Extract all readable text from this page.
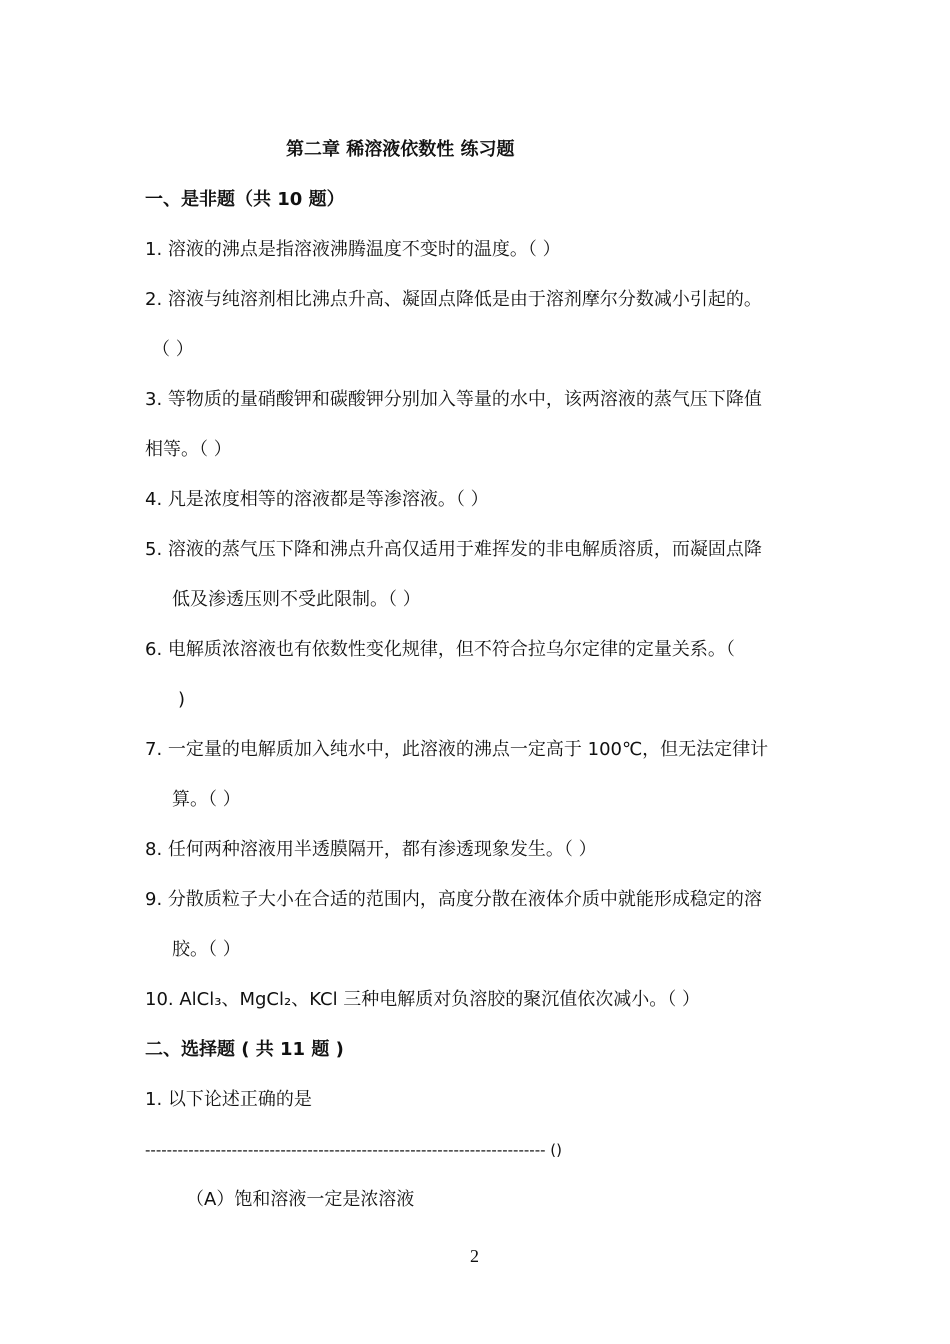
第二章 稀溶液依数性 练习题
一、是非题（共 10 题）
1. 溶液的沸点是指溶液沸腾温度不变时的温度。（ ）
2. 溶液与纯溶剂相比沸点升高、凝固点降低是由于溶剂摩尔分数减小引起的。
（ ）
3. 等物质的量硝酸钾和碳酸钾分别加入等量的水中，该两溶液的蒸气压下降值
相等。（ ）
4. 凡是浓度相等的溶液都是等渗溶液。（ ）
5. 溶液的蒸气压下降和沸点升高仅适用于难挥发的非电解质溶质，而凝固点降
低及渗透压则不受此限制。（ ）
6. 电解质浓溶液也有依数性变化规律，但不符合拉乌尔定律的定量关系。（
)
7. 一定量的电解质加入纯水中，此溶液的沸点一定高于 100℃，但无法定律计
算。（ ）
8. 任何两种溶液用半透膜隔开，都有渗透现象发生。（ ）
9. 分散质粒子大小在合适的范围内，高度分散在液体介质中就能形成稳定的溶
胶。（ ）
10. AlCl₃、MgCl₂、KCl 三种电解质对负溶胶的聚沉值依次减小。（ ）
二、选择题 ( 共 11 题 )
1. 以下论述正确的是
-------------------------------------------------------------------------- ()
（A）饱和溶液一定是浓溶液
2
